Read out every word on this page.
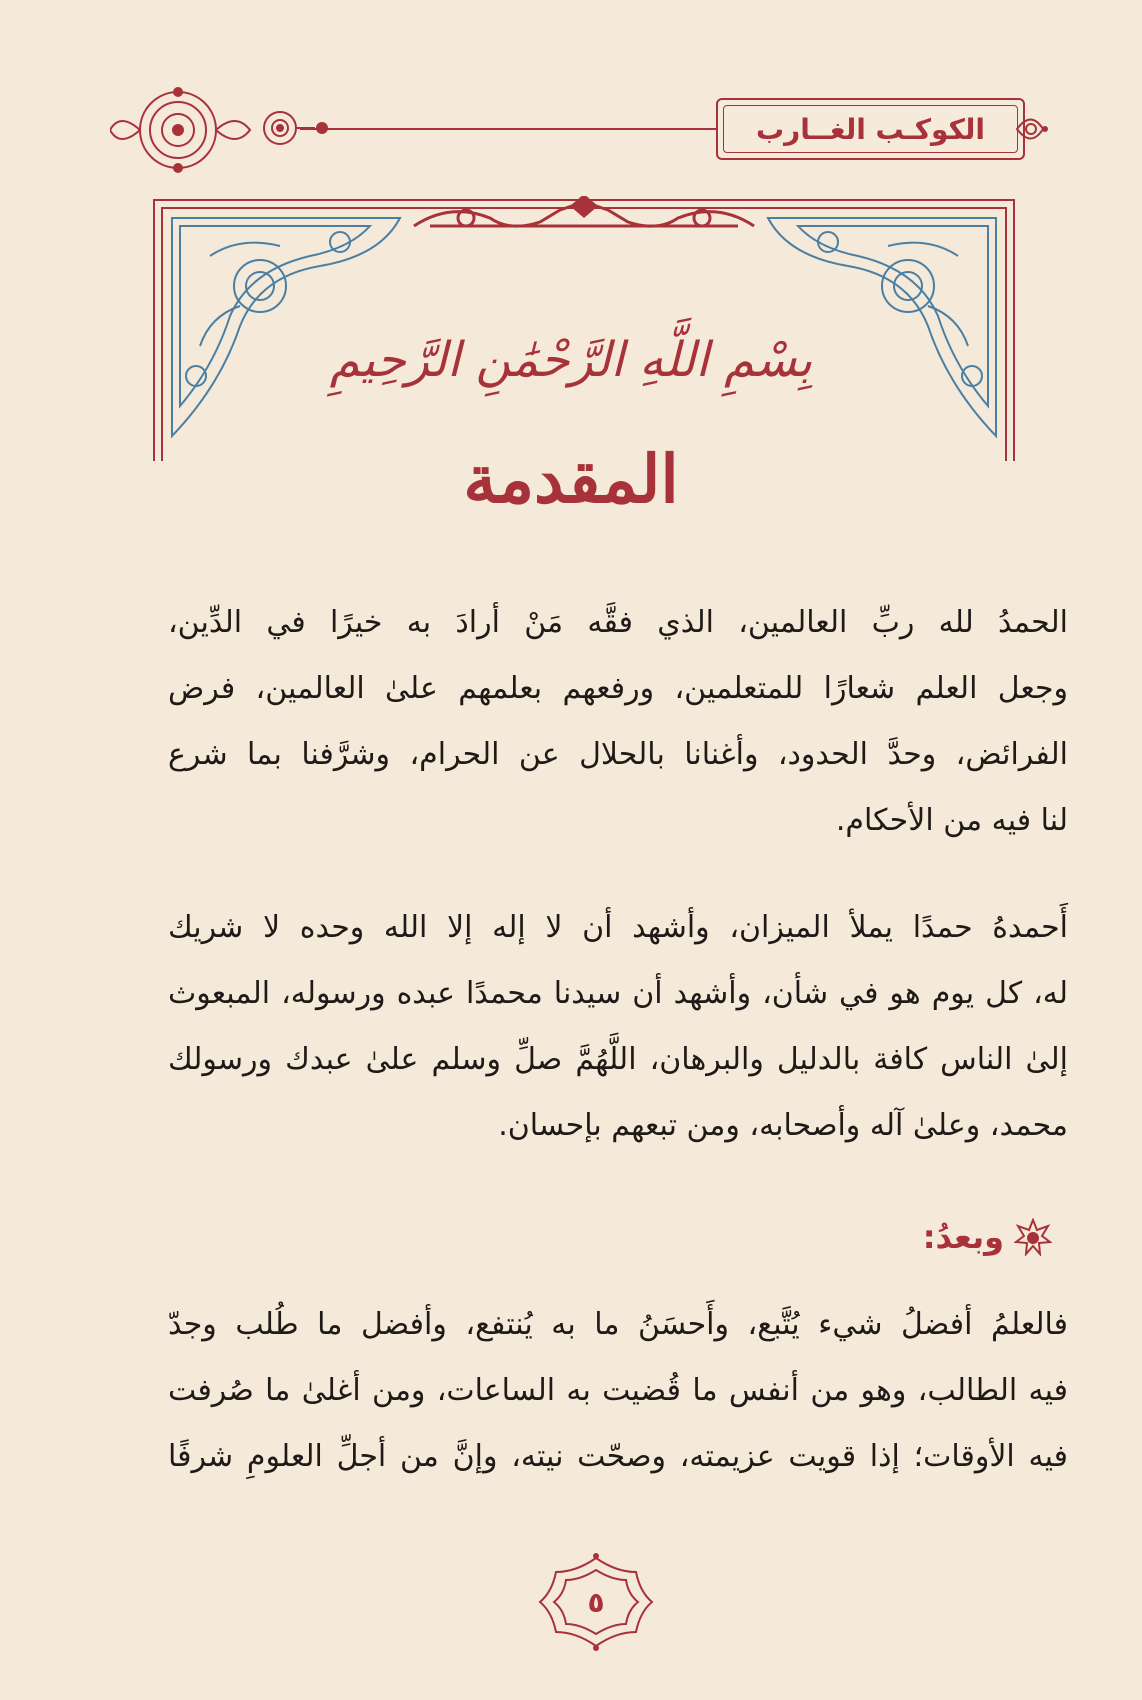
الكوكـب الغــارب
بِسْمِ اللَّهِ الرَّحْمَٰنِ الرَّحِيمِ
المقدمة
الحمدُ لله ربِّ العالمين، الذي فقَّه مَنْ أرادَ به خيرًا في الدِّين،
وجعل العلم شعارًا للمتعلمين، ورفعهم بعلمهم علىٰ العالمين، فرض
الفرائض، وحدَّ الحدود، وأغنانا بالحلال عن الحرام، وشرَّفنا بما شرع
لنا فيه من الأحكام.
أَحمدهُ حمدًا يملأ الميزان، وأشهد أن لا إله إلا الله وحده لا شريك
له، كل يوم هو في شأن، وأشهد أن سيدنا محمدًا عبده ورسوله، المبعوث
إلىٰ الناس كافة بالدليل والبرهان، اللَّهُمَّ صلِّ وسلم علىٰ عبدك ورسولك
محمد، وعلىٰ آله وأصحابه، ومن تبعهم بإحسان.
وبعدُ:
فالعلمُ أفضلُ شيء يُتَّبع، وأَحسَنُ ما به يُنتفع، وأفضل ما طُلب وجدّ
فيه الطالب، وهو من أنفس ما قُضيت به الساعات، ومن أغلىٰ ما صُرفت
فيه الأوقات؛ إذا قويت عزيمته، وصحّت نيته، وإنَّ من أجلِّ العلومِ شرفًا
٥
